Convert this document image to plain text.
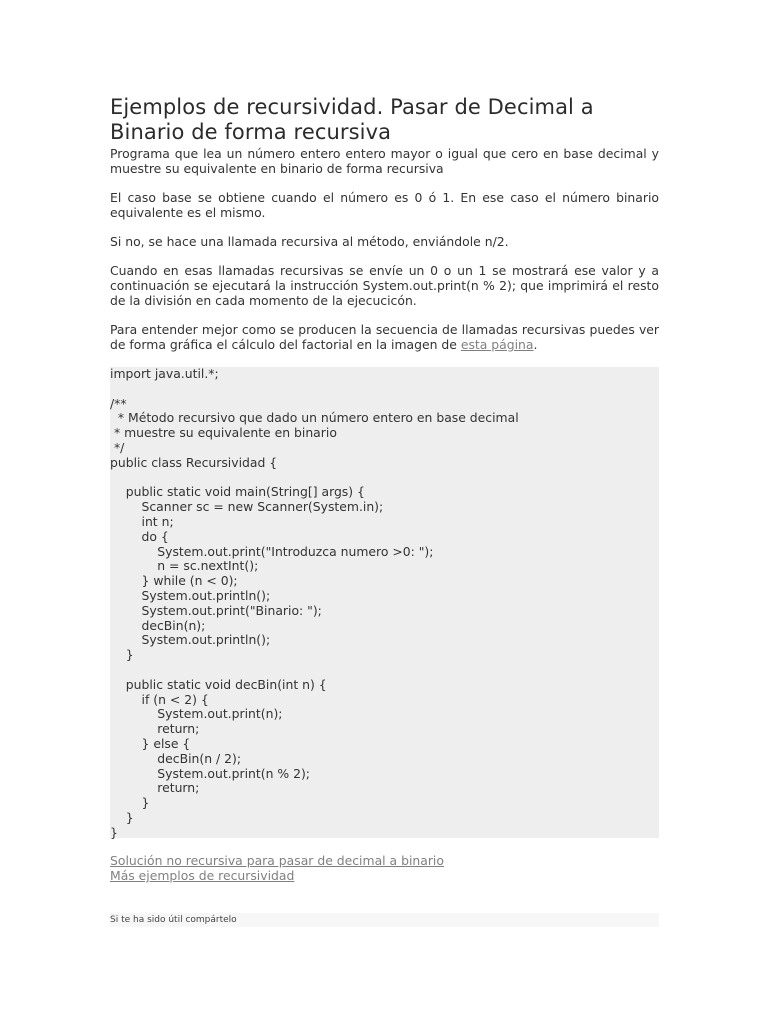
Ejemplos de recursividad. Pasar de Decimal a Binario de forma recursiva

Programa que lea un número entero entero mayor o igual que cero en base decimal y muestre su equivalente en binario de forma recursiva

El caso base se obtiene cuando el número es 0 ó 1. En ese caso el número binario equivalente es el mismo.

Si no, se hace una llamada recursiva al método, enviándole n/2.

Cuando en esas llamadas recursivas se envíe un 0 o un 1 se mostrará ese valor y a continuación se ejecutará la instrucción System.out.print(n % 2); que imprimirá el resto de la división en cada momento de la ejecucicón.

Para entender mejor como se producen la secuencia de llamadas recursivas puedes ver de forma gráfica el cálculo del factorial en la imagen de esta página.

import java.util.*;

/**
* Método recursivo que dado un número entero en base decimal
* muestre su equivalente en binario
*/
public class Recursividad {

public static void main(String[] args) {
Scanner sc = new Scanner(System.in);
int n;
do {
System.out.print("Introduzca numero >0: ");
n = sc.nextInt();
} while (n < 0);
System.out.println();
System.out.print("Binario: ");
decBin(n);
System.out.println();
}

public static void decBin(int n) {
if (n < 2) {
System.out.print(n);
return;
} else {
decBin(n / 2);
System.out.print(n % 2);
return;
}
}
}
Solución no recursiva para pasar de decimal a binario
Más ejemplos de recursividad
Si te ha sido útil compártelo
